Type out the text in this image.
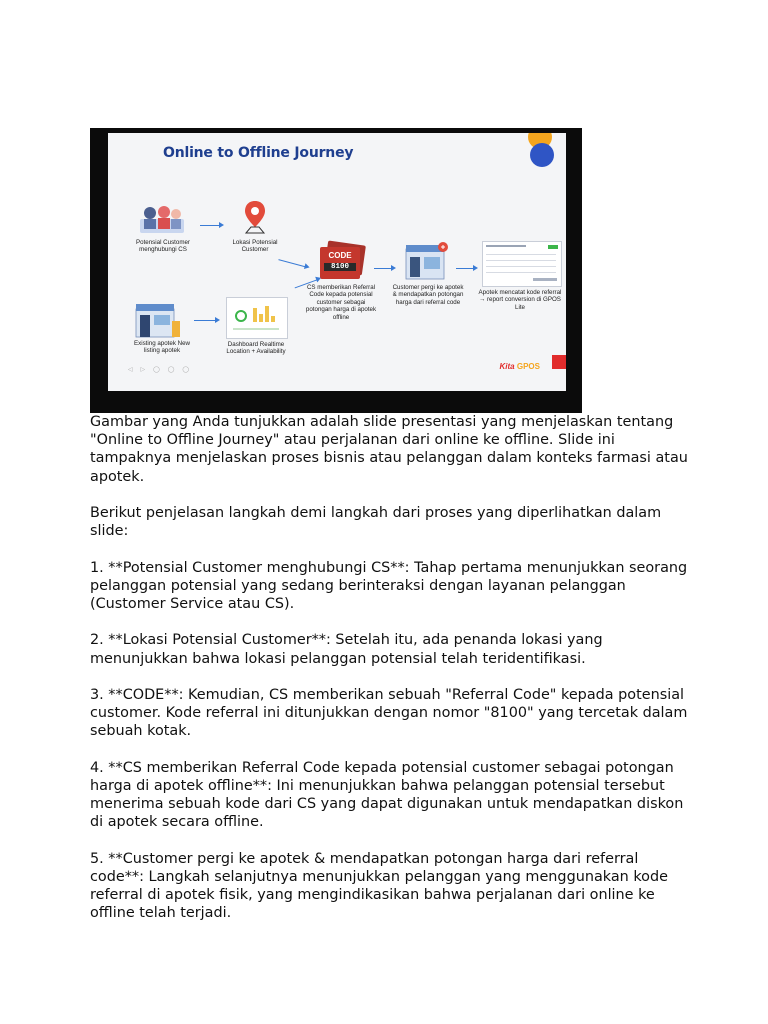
Online to Offline Journey
Potensial Customer menghubungi CS
Lokasi Potensial Customer
CODE
8100
CS memberikan Referral Code kepada potensial customer sebagai potongan harga di apotek offline
Customer pergi ke apotek & mendapatkan potongan harga dari referral code
Apotek mencatat kode referral → report conversion di GPOS Lite
Existing apotek New listing apotek
Dashboard Realtime Location + Availability
Kita GPOS
◁ ▷ ◯ ◯ ◯

Gambar yang Anda tunjukkan adalah slide presentasi yang menjelaskan tentang "Online to Offline Journey" atau perjalanan dari online ke offline. Slide ini tampaknya menjelaskan proses bisnis atau pelanggan dalam konteks farmasi atau apotek.

Berikut penjelasan langkah demi langkah dari proses yang diperlihatkan dalam slide:

1. **Potensial Customer menghubungi CS**: Tahap pertama menunjukkan seorang pelanggan potensial yang sedang berinteraksi dengan layanan pelanggan (Customer Service atau CS).

2. **Lokasi Potensial Customer**: Setelah itu, ada penanda lokasi yang menunjukkan bahwa lokasi pelanggan potensial telah teridentifikasi.

3. **CODE**: Kemudian, CS memberikan sebuah "Referral Code" kepada potensial customer. Kode referral ini ditunjukkan dengan nomor "8100" yang tercetak dalam sebuah kotak.

4. **CS memberikan Referral Code kepada potensial customer sebagai potongan harga di apotek offline**: Ini menunjukkan bahwa pelanggan potensial tersebut menerima sebuah kode dari CS yang dapat digunakan untuk mendapatkan diskon di apotek secara offline.

5. **Customer pergi ke apotek & mendapatkan potongan harga dari referral code**: Langkah selanjutnya menunjukkan pelanggan yang menggunakan kode referral di apotek fisik, yang mengindikasikan bahwa perjalanan dari online ke offline telah terjadi.
